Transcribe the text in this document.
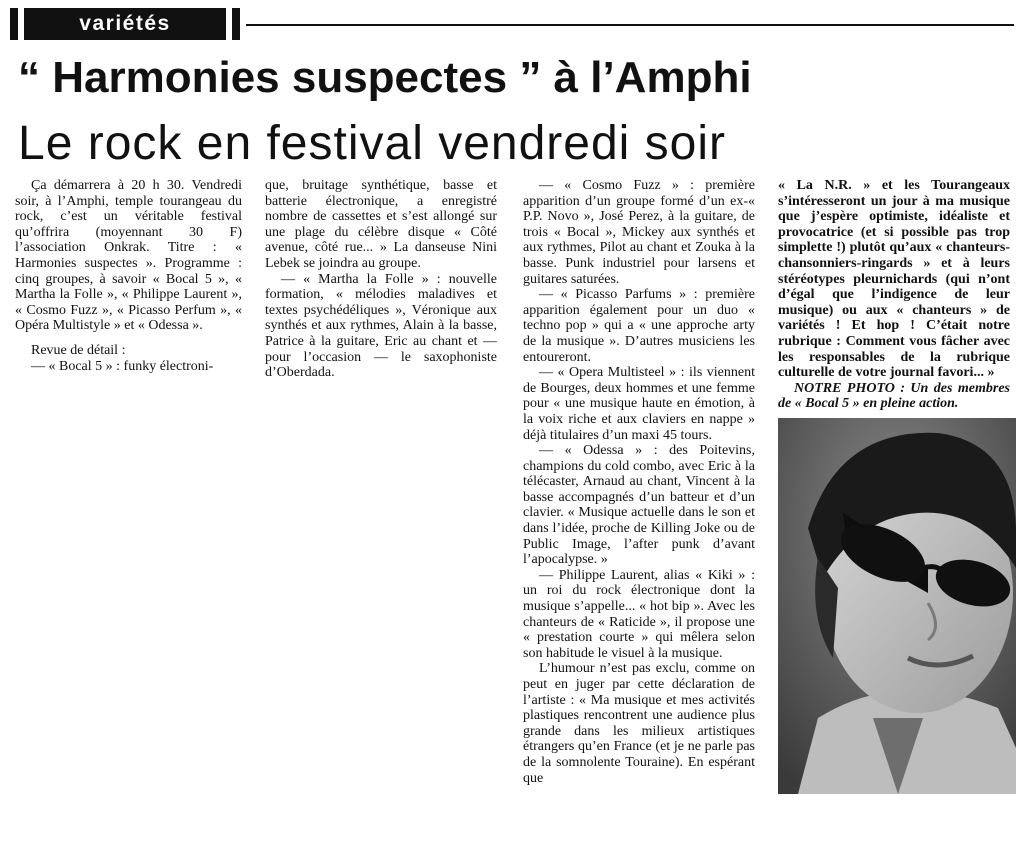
variétés
“ Harmonies suspectes ” à l’Amphi
Le rock en festival vendredi soir

Ça démarrera à 20 h 30. Vendredi soir, à l’Amphi, temple tourangeau du rock, c’est un véritable festival qu’offrira (moyennant 30 F) l’association Onkrak. Titre : « Harmonies suspectes ». Programme : cinq groupes, à savoir « Bocal 5 », « Martha la Folle », « Philippe Laurent », « Cosmo Fuzz », « Picasso Perfum », « Opéra Multistyle » et « Odessa ».

Revue de détail :

— « Bocal 5 » : funky électroni-

que, bruitage synthétique, basse et batterie électronique, a enregistré nombre de cassettes et s’est allongé sur une plage du célèbre disque « Côté avenue, côté rue... » La danseuse Nini Lebek se joindra au groupe.

— « Martha la Folle » : nouvelle formation, « mélodies maladives et textes psychédéliques », Véronique aux synthés et aux rythmes, Alain à la basse, Patrice à la guitare, Eric au chant et — pour l’occasion — le saxophoniste d’Oberdada.

— « Cosmo Fuzz » : première apparition d’un groupe formé d’un ex-« P.P. Novo », José Perez, à la guitare, de trois « Bocal », Mickey aux synthés et aux rythmes, Pilot au chant et Zouka à la basse. Punk industriel pour larsens et guitares saturées.

— « Picasso Parfums » : première apparition également pour un duo « techno pop » qui a « une approche arty de la musique ». D’autres musiciens les entoureront.

— « Opera Multisteel » : ils viennent de Bourges, deux hommes et une femme pour « une musique haute en émotion, à la voix riche et aux claviers en nappe » déjà titulaires d’un maxi 45 tours.

— « Odessa » : des Poitevins, champions du cold combo, avec Eric à la télécaster, Arnaud au chant, Vincent à la basse accompagnés d’un batteur et d’un clavier. « Musique actuelle dans le son et dans l’idée, proche de Killing Joke ou de Public Image, l’after punk d’avant l’apocalypse. »

— Philippe Laurent, alias « Kiki » : un roi du rock électronique dont la musique s’appelle... « hot bip ». Avec les chanteurs de « Raticide », il propose une « prestation courte » qui mêlera selon son habitude le visuel à la musique.

L’humour n’est pas exclu, comme on peut en juger par cette déclaration de l’artiste : « Ma musique et mes activités plastiques rencontrent une audience plus grande dans les milieux artistiques étrangers qu’en France (et je ne parle pas de la somnolente Touraine). En espérant que

« La N.R. » et les Tourangeaux s’intéresseront un jour à ma musique que j’espère optimiste, idéaliste et provocatrice (et si possible pas trop simplette !) plutôt qu’aux « chanteurs-chansonniers-ringards » et à leurs stéréotypes pleurnichards (qui n’ont d’égal que l’indigence de leur musique) ou aux « chanteurs » de variétés ! Et hop ! C’était notre rubrique : Comment vous fâcher avec les responsables de la rubrique culturelle de votre journal favori... »

NOTRE PHOTO : Un des membres de « Bocal 5 » en pleine action.
